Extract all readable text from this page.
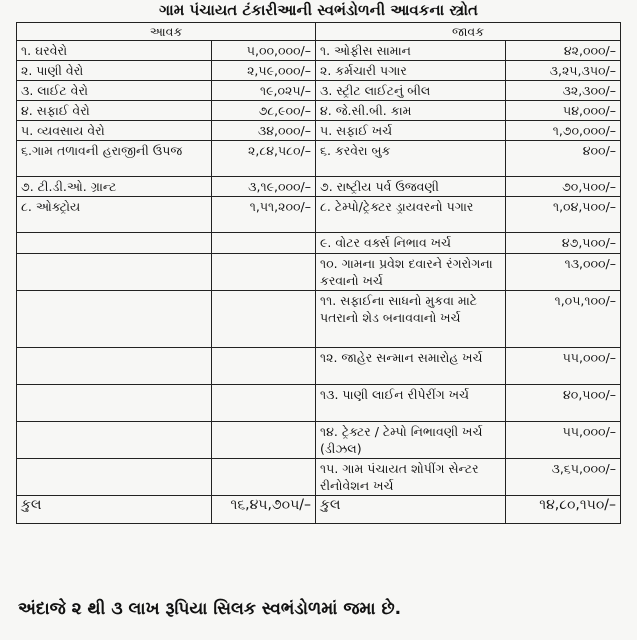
ગામ પંચાયત ટંકારીઆની સ્વભંડોળની આવકના સ્ત્રોત
આવક		જાવક	
૧. ઘરવેરો	૫,૦૦,૦૦૦/–	૧. ઓફીસ સામાન	૪૨,૦૦૦/–
૨. પાણી વેરો	૨,૫૯,૦૦૦/–	૨. કર્મચારી પગાર	૩,૨૫,૩૫૦/–
૩. લાઈટ વેરો	૧૯,૦૨૫/–	૩. સ્ટ્રીટ લાઈટનું બીલ	૩૨,૩૦૦/–
૪. સફાઈ વેરો	૭૮,૯૦૦/–	૪. જે.સી.બી. કામ	૫૪,૦૦૦/–
૫. વ્યવસાય વેરો	૩૪,૦૦૦/–	૫. સફાઈ ખર્ચ	૧,૭૦,૦૦૦/–
૬.ગામ તળાવની હરાજીની ઉપજ	૨,૮૪,૫૮૦/–	૬. કરવેરા બુક	૪૦૦/–
૭. ટી.ડી.ઓ. ગ્રાન્ટ	૩,૧૯,૦૦૦/–	૭. રાષ્ટ્રીય પર્વ ઉજવણી	૭૦,૫૦૦/–
૮. ઓક્ટ્રોય	૧,૫૧,૨૦૦/–	૮. ટેમ્પો/ટ્રેક્ટર ડ્રાયવરનો પગાર	૧,૦૪,૫૦૦/–
		૯. વોટર વર્ક્સ નિભાવ ખર્ચ	૪૭,૫૦૦/–
		૧૦. ગામના પ્રવેશ દવારને રંગરોગના કરવાનો ખર્ચ	૧૩,૦૦૦/–
		૧૧. સફાઈના સાધનો મુકવા માટે પતરાનો શેડ બનાવવાનો ખર્ચ	૧,૦૫,૧૦૦/–
		૧૨. જાહેર સન્માન સમારોહ ખર્ચ	૫૫,૦૦૦/–
		૧૩. પાણી લાઈન રીપેરીંગ ખર્ચ	૪૦,૫૦૦/–
		૧૪. ટ્રેક્ટર / ટેમ્પો નિભાવણી ખર્ચ (ડીઝલ)	૫૫,૦૦૦/–
		૧૫. ગામ પંચાયત શોપીંગ સેન્ટર રીનોવેશન ખર્ચ	૩,૬૫,૦૦૦/–
કુલ	૧૬,૪૫,૭૦૫/–	કુલ	૧૪,૮૦,૧૫૦/–
અંદાજે ૨ થી ૩ લાખ રૂપિયા સિલક સ્વભંડોળમાં જમા છે.
